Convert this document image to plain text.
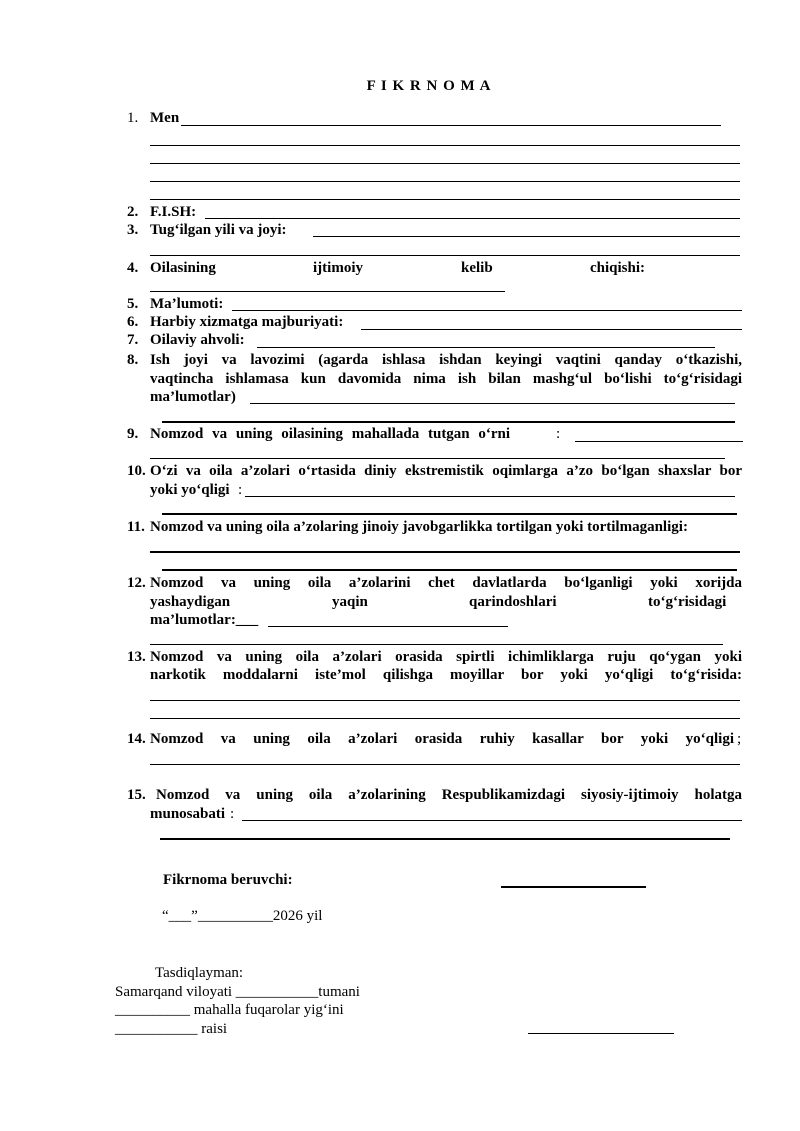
F I K R N O M A
1. Men
2. F.I.SH:
3. Tug‘ilgan yili va joyi:
4. Oilasining	ijtimoiy	kelib	chiqishi:
5. Ma’lumoti:
6. Harbiy xizmatga majburiyati:
7. Oilaviy ahvoli:
8. Ish joyi va lavozimi (agarda ishlasa ishdan keyingi vaqtini qanday o‘tkazishi,
vaqtincha ishlamasa kun davomida nima ish bilan mashg‘ul bo‘lishi to‘g‘risidagi
ma’lumotlar)
9. Nomzod va uning oilasining mahallada tutgan o‘rni	:
10. O‘zi va oila a’zolari o‘rtasida diniy ekstremistik oqimlarga a’zo bo‘lgan shaxslar bor
yoki yo‘qligi :
11. Nomzod va uning oila a’zolaring jinoiy javobgarlikka tortilgan yoki tortilmaganligi:
12. Nomzod va uning oila a’zolarini chet davlatlarda bo‘lganligi yoki xorijda
yashaydigan	yaqin	qarindoshlari	to‘g‘risidagi
ma’lumotlar:___
13. Nomzod va uning oila a’zolari orasida spirtli ichimliklarga ruju qo‘ygan yoki
narkotik moddalarni iste’mol qilishga moyillar bor yoki yo‘qligi to‘g‘risida:
14. Nomzod va uning oila a’zolari orasida ruhiy kasallar bor yoki yo‘qligi ;
15. Nomzod va uning oila a’zolarining Respublikamizdagi siyosiy-ijtimoiy holatga
munosabati :
Fikrnoma beruvchi:
“___”__________2026 yil
Tasdiqlayman:
Samarqand viloyati ___________tumani
__________ mahalla fuqarolar yig‘ini
___________ raisi
